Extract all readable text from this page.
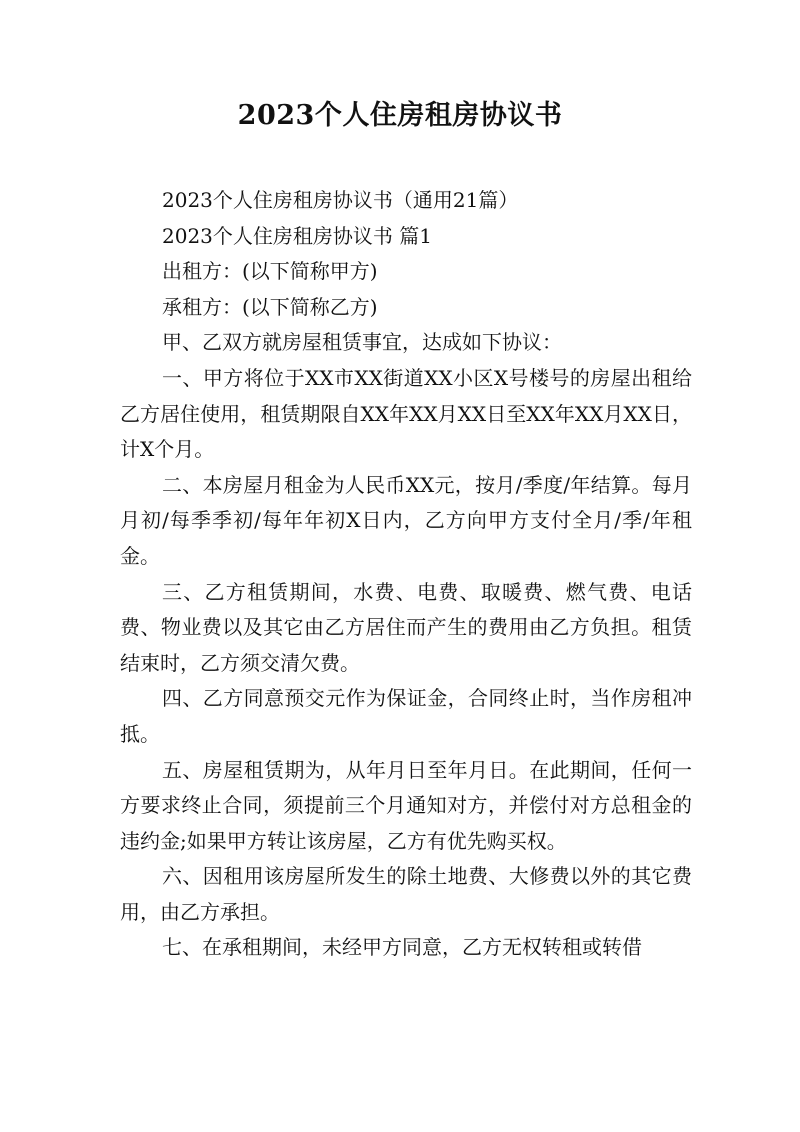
2023个人住房租房协议书

2023个人住房租房协议书（通用21篇）

2023个人住房租房协议书 篇1

出租方：(以下简称甲方)

承租方：(以下简称乙方)

甲、乙双方就房屋租赁事宜，达成如下协议：

一、甲方将位于XX市XX街道XX小区X号楼号的房屋出租给乙方居住使用，租赁期限自XX年XX月XX日至XX年XX月XX日，计X个月。

二、本房屋月租金为人民币XX元，按月/季度/年结算。每月月初/每季季初/每年年初X日内，乙方向甲方支付全月/季/年租金。

三、乙方租赁期间，水费、电费、取暖费、燃气费、电话费、物业费以及其它由乙方居住而产生的费用由乙方负担。租赁结束时，乙方须交清欠费。

四、乙方同意预交元作为保证金，合同终止时，当作房租冲抵。

五、房屋租赁期为，从年月日至年月日。在此期间，任何一方要求终止合同，须提前三个月通知对方，并偿付对方总租金的违约金;如果甲方转让该房屋，乙方有优先购买权。

六、因租用该房屋所发生的除土地费、大修费以外的其它费用，由乙方承担。

七、在承租期间，未经甲方同意，乙方无权转租或转借
